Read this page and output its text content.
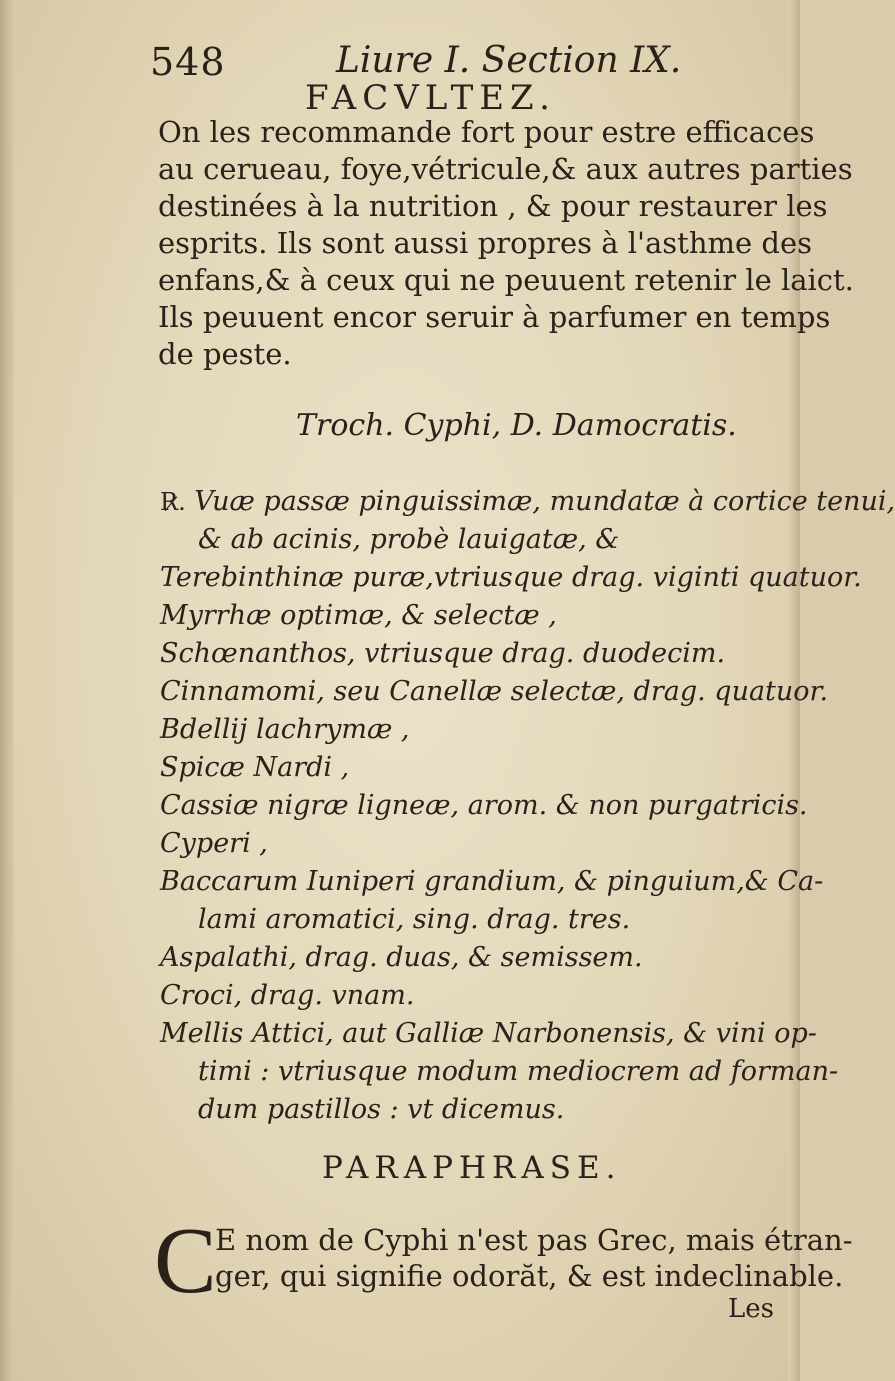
548	Liure I. Section IX.
FACVLTEZ.
On les recommande fort pour estre efficaces
au cerueau, foye,vétricule,& aux autres parties
destinées à la nutrition , & pour restaurer les
esprits. Ils sont aussi propres à l'asthme des
enfans,& à ceux qui ne peuuent retenir le laict.
Ils peuuent encor seruir à parfumer en temps
de peste.
Troch. Cyphi, D. Damocratis.
R̷. Vuæ passæ pinguissimæ, mundatæ à cortice tenui,
& ab acinis, probè lauigatæ, &
Terebinthinæ puræ,vtriusque drag. viginti quatuor.
Myrrhæ optimæ, & selectæ ,
Schœnanthos, vtriusque drag. duodecim.
Cinnamomi, seu Canellæ selectæ, drag. quatuor.
Bdellij lachrymæ ,
Spicæ Nardi ,
Cassiæ nigræ ligneæ, arom. & non purgatricis.
Cyperi ,
Baccarum Iuniperi grandium, & pinguium,& Ca-
lami aromatici, sing. drag. tres.
Aspalathi, drag. duas, & semissem.
Croci, drag. vnam.
Mellis Attici, aut Galliæ Narbonensis, & vini op-
timi : vtriusque modum mediocrem ad forman-
dum pastillos : vt dicemus.
PARAPHRASE.
C
E nom de Cyphi n'est pas Grec, mais étran-
ger, qui signifie odorăt, & est indeclinable.
Les
